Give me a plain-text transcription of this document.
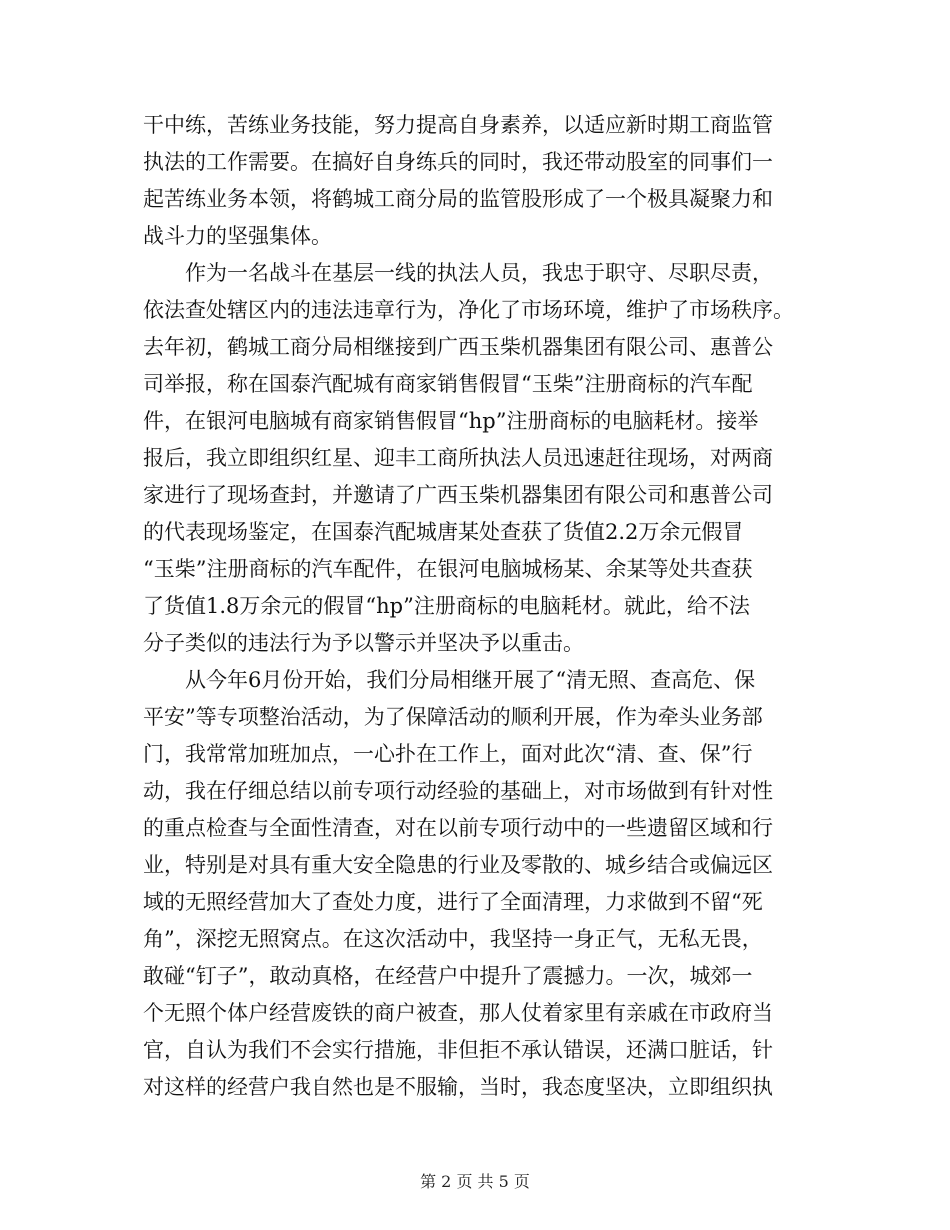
干中练，苦练业务技能，努力提高自身素养，以适应新时期工商监管
执法的工作需要。在搞好自身练兵的同时，我还带动股室的同事们一
起苦练业务本领，将鹤城工商分局的监管股形成了一个极具凝聚力和
战斗力的坚强集体。
　　作为一名战斗在基层一线的执法人员，我忠于职守、尽职尽责，
依法查处辖区内的违法违章行为，净化了市场环境，维护了市场秩序。
去年初，鹤城工商分局相继接到广西玉柴机器集团有限公司、惠普公
司举报，称在国泰汽配城有商家销售假冒“玉柴”注册商标的汽车配
件，在银河电脑城有商家销售假冒“hp”注册商标的电脑耗材。接举
报后，我立即组织红星、迎丰工商所执法人员迅速赶往现场，对两商
家进行了现场查封，并邀请了广西玉柴机器集团有限公司和惠普公司
的代表现场鉴定，在国泰汽配城唐某处查获了货值2.2万余元假冒
“玉柴”注册商标的汽车配件，在银河电脑城杨某、余某等处共查获
了货值1.8万余元的假冒“hp”注册商标的电脑耗材。就此，给不法
分子类似的违法行为予以警示并坚决予以重击。
　　从今年6月份开始，我们分局相继开展了“清无照、查高危、保
平安”等专项整治活动，为了保障活动的顺利开展，作为牵头业务部
门，我常常加班加点，一心扑在工作上，面对此次“清、查、保”行
动，我在仔细总结以前专项行动经验的基础上，对市场做到有针对性
的重点检查与全面性清查，对在以前专项行动中的一些遗留区域和行
业，特别是对具有重大安全隐患的行业及零散的、城乡结合或偏远区
域的无照经营加大了查处力度，进行了全面清理，力求做到不留“死
角”，深挖无照窝点。在这次活动中，我坚持一身正气，无私无畏，
敢碰“钉子”，敢动真格，在经营户中提升了震撼力。一次，城郊一
个无照个体户经营废铁的商户被查，那人仗着家里有亲戚在市政府当
官，自认为我们不会实行措施，非但拒不承认错误，还满口脏话，针
对这样的经营户我自然也是不服输，当时，我态度坚决，立即组织执
第 2 页 共 5 页
